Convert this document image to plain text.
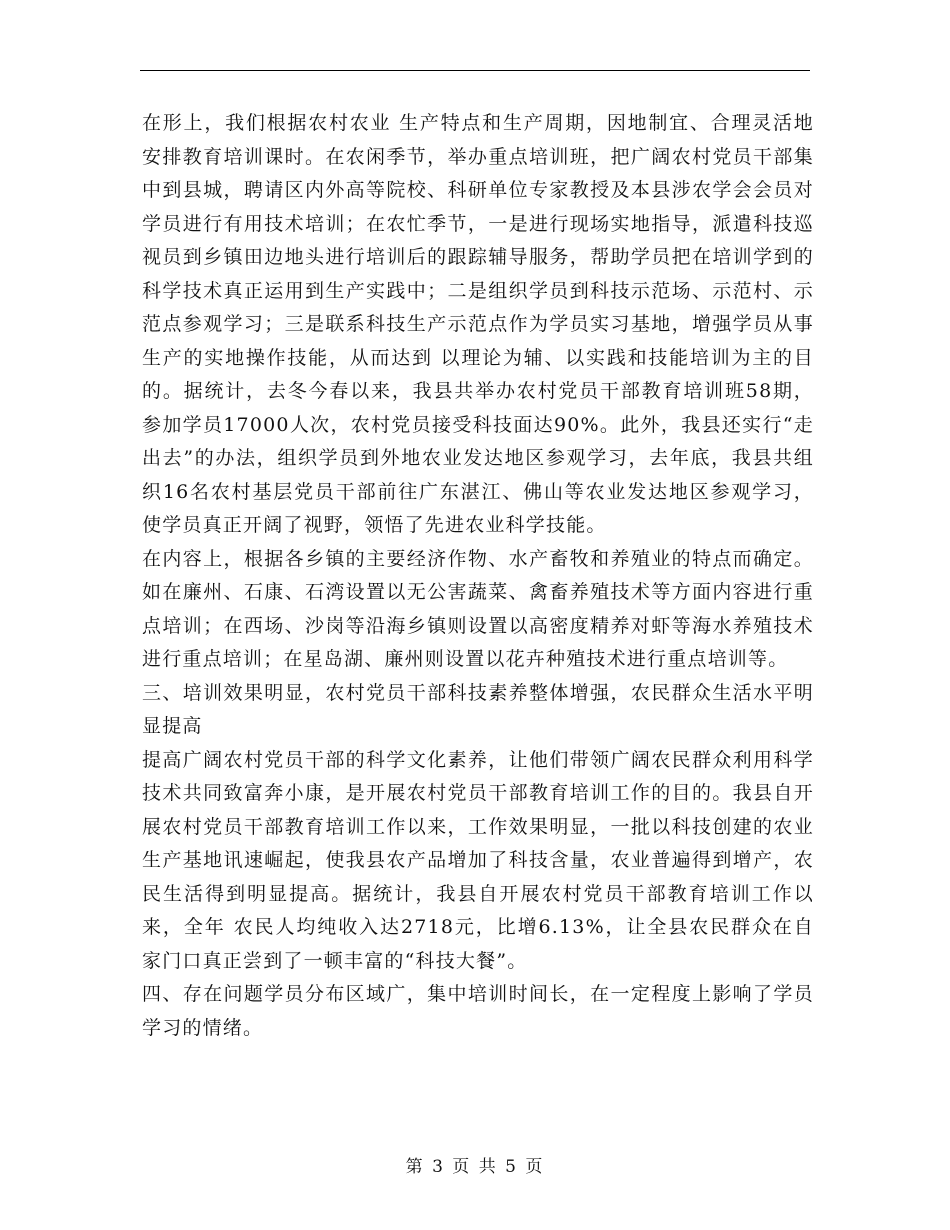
在形上，我们根据农村农业 生产特点和生产周期，因地制宜、合理灵活地安排教育培训课时。在农闲季节，举办重点培训班，把广阔农村党员干部集中到县城，聘请区内外高等院校、科研单位专家教授及本县涉农学会会员对学员进行有用技术培训；在农忙季节，一是进行现场实地指导，派遣科技巡视员到乡镇田边地头进行培训后的跟踪辅导服务，帮助学员把在培训学到的科学技术真正运用到生产实践中；二是组织学员到科技示范场、示范村、示范点参观学习；三是联系科技生产示范点作为学员实习基地，增强学员从事生产的实地操作技能，从而达到 以理论为辅、以实践和技能培训为主的目的。据统计，去冬今春以来，我县共举办农村党员干部教育培训班58期，参加学员17000人次，农村党员接受科技面达90%。此外，我县还实行“走出去”的办法，组织学员到外地农业发达地区参观学习，去年底，我县共组织16名农村基层党员干部前往广东湛江、佛山等农业发达地区参观学习，使学员真正开阔了视野，领悟了先进农业科学技能。

在内容上，根据各乡镇的主要经济作物、水产畜牧和养殖业的特点而确定。如在廉州、石康、石湾设置以无公害蔬菜、禽畜养殖技术等方面内容进行重点培训；在西场、沙岗等沿海乡镇则设置以高密度精养对虾等海水养殖技术进行重点培训；在星岛湖、廉州则设置以花卉种殖技术进行重点培训等。

三、培训效果明显，农村党员干部科技素养整体增强，农民群众生活水平明显提高

提高广阔农村党员干部的科学文化素养，让他们带领广阔农民群众利用科学技术共同致富奔小康，是开展农村党员干部教育培训工作的目的。我县自开展农村党员干部教育培训工作以来，工作效果明显，一批以科技创建的农业生产基地讯速崛起，使我县农产品增加了科技含量，农业普遍得到增产，农民生活得到明显提高。据统计，我县自开展农村党员干部教育培训工作以来，全年 农民人均纯收入达2718元，比增6.13%，让全县农民群众在自家门口真正尝到了一顿丰富的“科技大餐”。

四、存在问题学员分布区域广，集中培训时间长，在一定程度上影响了学员学习的情绪。

第 3 页 共 5 页
